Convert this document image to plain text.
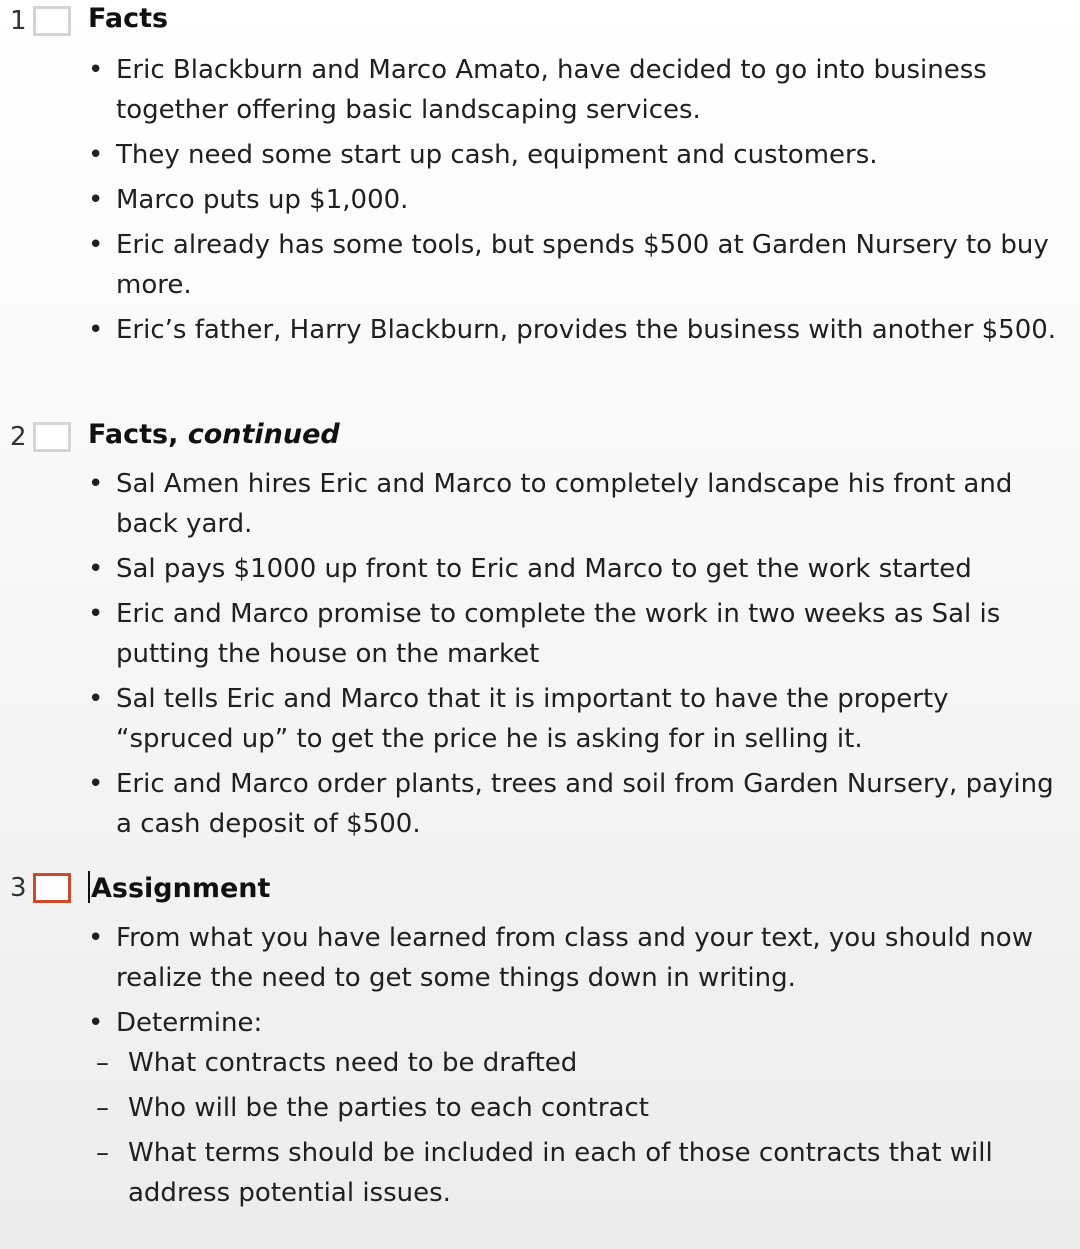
1 Facts
• Eric Blackburn and Marco Amato, have decided to go into business together offering basic landscaping services.
• They need some start up cash, equipment and customers.
• Marco puts up $1,000.
• Eric already has some tools, but spends $500 at Garden Nursery to buy more.
• Eric’s father, Harry Blackburn, provides the business with another $500.
2 Facts, continued
• Sal Amen hires Eric and Marco to completely landscape his front and back yard.
• Sal pays $1000 up front to Eric and Marco to get the work started
• Eric and Marco promise to complete the work in two weeks as Sal is putting the house on the market
• Sal tells Eric and Marco that it is important to have the property “spruced up” to get the price he is asking for in selling it.
• Eric and Marco order plants, trees and soil from Garden Nursery, paying a cash deposit of $500.
3 Assignment
• From what you have learned from class and your text, you should now realize the need to get some things down in writing.
• Determine:
– What contracts need to be drafted
– Who will be the parties to each contract
– What terms should be included in each of those contracts that will address potential issues.
